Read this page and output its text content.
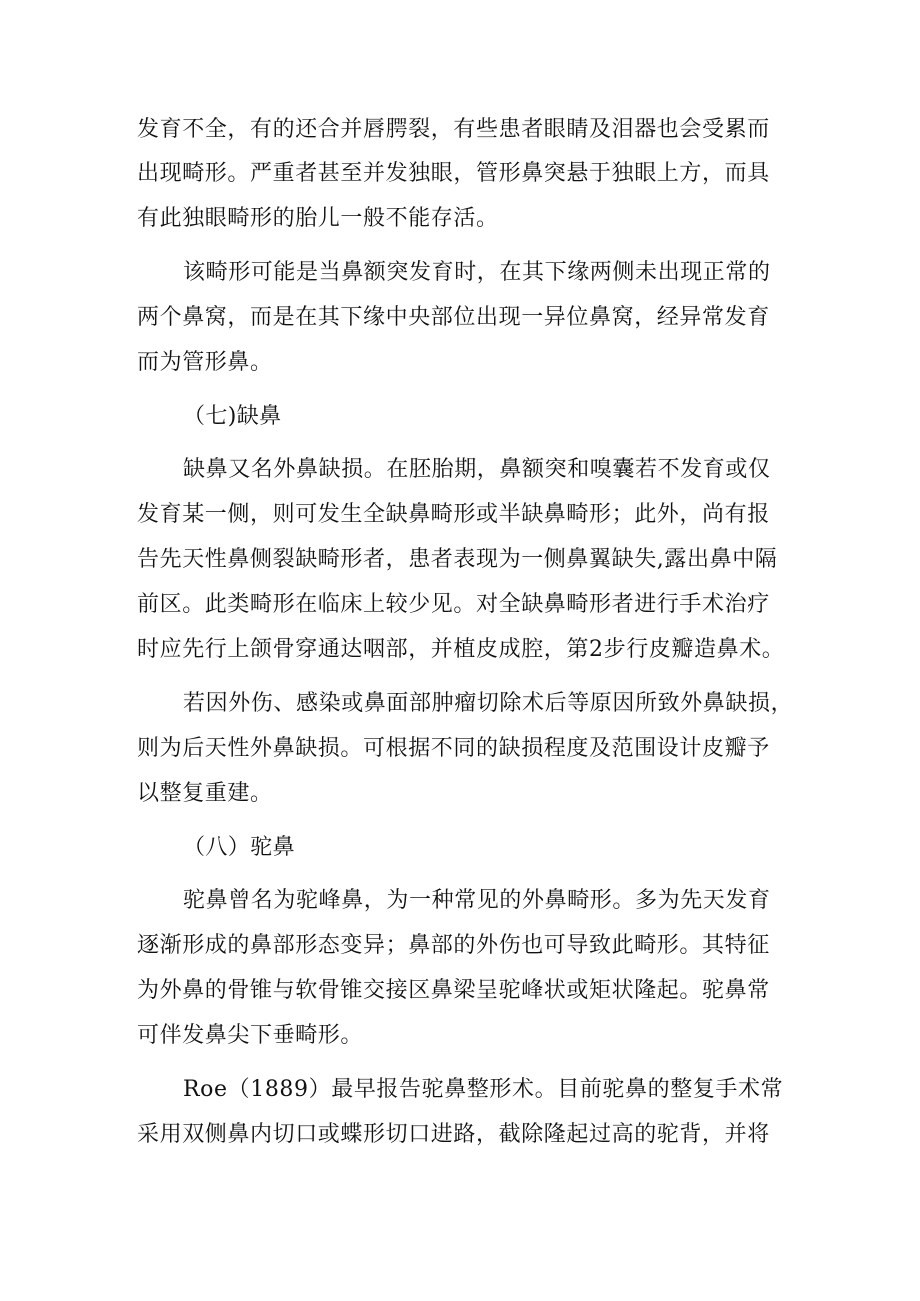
发育不全，有的还合并唇腭裂，有些患者眼睛及泪器也会受累而
出现畸形。严重者甚至并发独眼，管形鼻突悬于独眼上方，而具
有此独眼畸形的胎儿一般不能存活。
该畸形可能是当鼻额突发育时，在其下缘两侧未出现正常的
两个鼻窝，而是在其下缘中央部位出现一异位鼻窝，经异常发育
而为管形鼻。
（七)缺鼻
缺鼻又名外鼻缺损。在胚胎期，鼻额突和嗅囊若不发育或仅
发育某一侧，则可发生全缺鼻畸形或半缺鼻畸形；此外，尚有报
告先天性鼻侧裂缺畸形者，患者表现为一侧鼻翼缺失,露出鼻中隔
前区。此类畸形在临床上较少见。对全缺鼻畸形者进行手术治疗
时应先行上颌骨穿通达咽部，并植皮成腔，第2步行皮瓣造鼻术。
若因外伤、感染或鼻面部肿瘤切除术后等原因所致外鼻缺损，
则为后天性外鼻缺损。可根据不同的缺损程度及范围设计皮瓣予
以整复重建。
（八）驼鼻
驼鼻曾名为驼峰鼻，为一种常见的外鼻畸形。多为先天发育
逐渐形成的鼻部形态变异；鼻部的外伤也可导致此畸形。其特征
为外鼻的骨锥与软骨锥交接区鼻梁呈驼峰状或矩状隆起。驼鼻常
可伴发鼻尖下垂畸形。
Roe（1889）最早报告驼鼻整形术。目前驼鼻的整复手术常
采用双侧鼻内切口或蝶形切口进路，截除隆起过高的驼背，并将
